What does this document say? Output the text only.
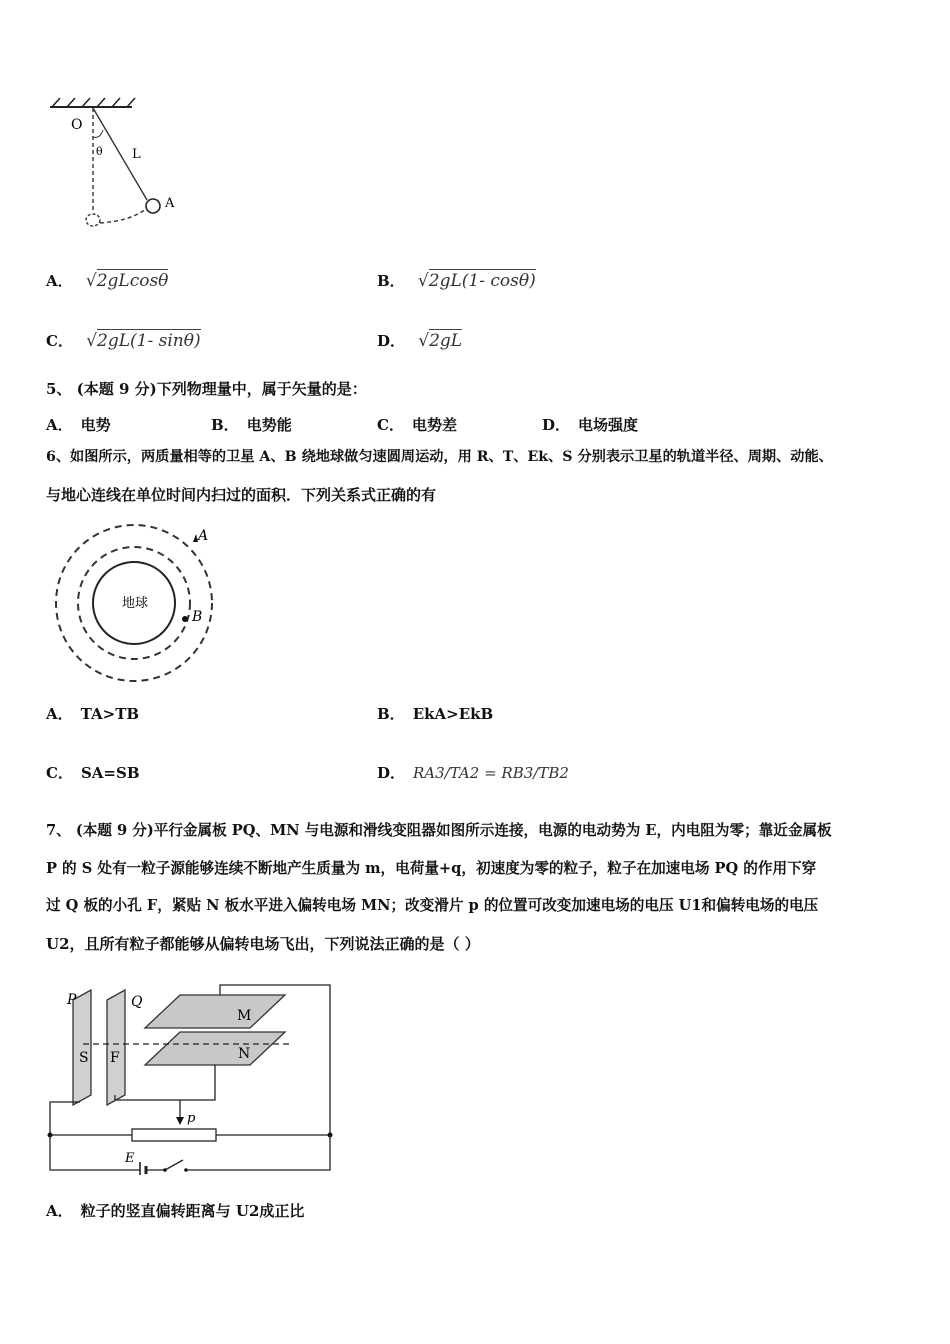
O
θ L
A
A． √2gLcosθ	B． √2gL(1- cosθ)
C． √2gL(1- sinθ)	D． √2gL
5、 (本题 9 分)下列物理量中，属于矢量的是：
A． 电势	B． 电势能	C． 电势差	D． 电场强度
6、如图所示，两质量相等的卫星 A、B 绕地球做匀速圆周运动，用 R、T、Ek、S 分别表示卫星的轨道半径、周期、动能、
与地心连线在单位时间内扫过的面积．下列关系式正确的有
地球
B
A
A． TA>TB	B． EkA>EkB
C． SA=SB	D． RA3/TA2 = RB3/TB2
7、 (本题 9 分)平行金属板 PQ、MN 与电源和滑线变阻器如图所示连接，电源的电动势为 E，内电阻为零；靠近金属板
P 的 S 处有一粒子源能够连续不断地产生质量为 m，电荷量+q，初速度为零的粒子，粒子在加速电场 PQ 的作用下穿
过 Q 板的小孔 F，紧贴 N 板水平进入偏转电场 MN；改变滑片 p 的位置可改变加速电场的电压 U1和偏转电场的电压
U2，且所有粒子都能够从偏转电场飞出，下列说法正确的是（ ）
P	Q
M
N
S F
p
E
A． 粒子的竖直偏转距离与 U2成正比
